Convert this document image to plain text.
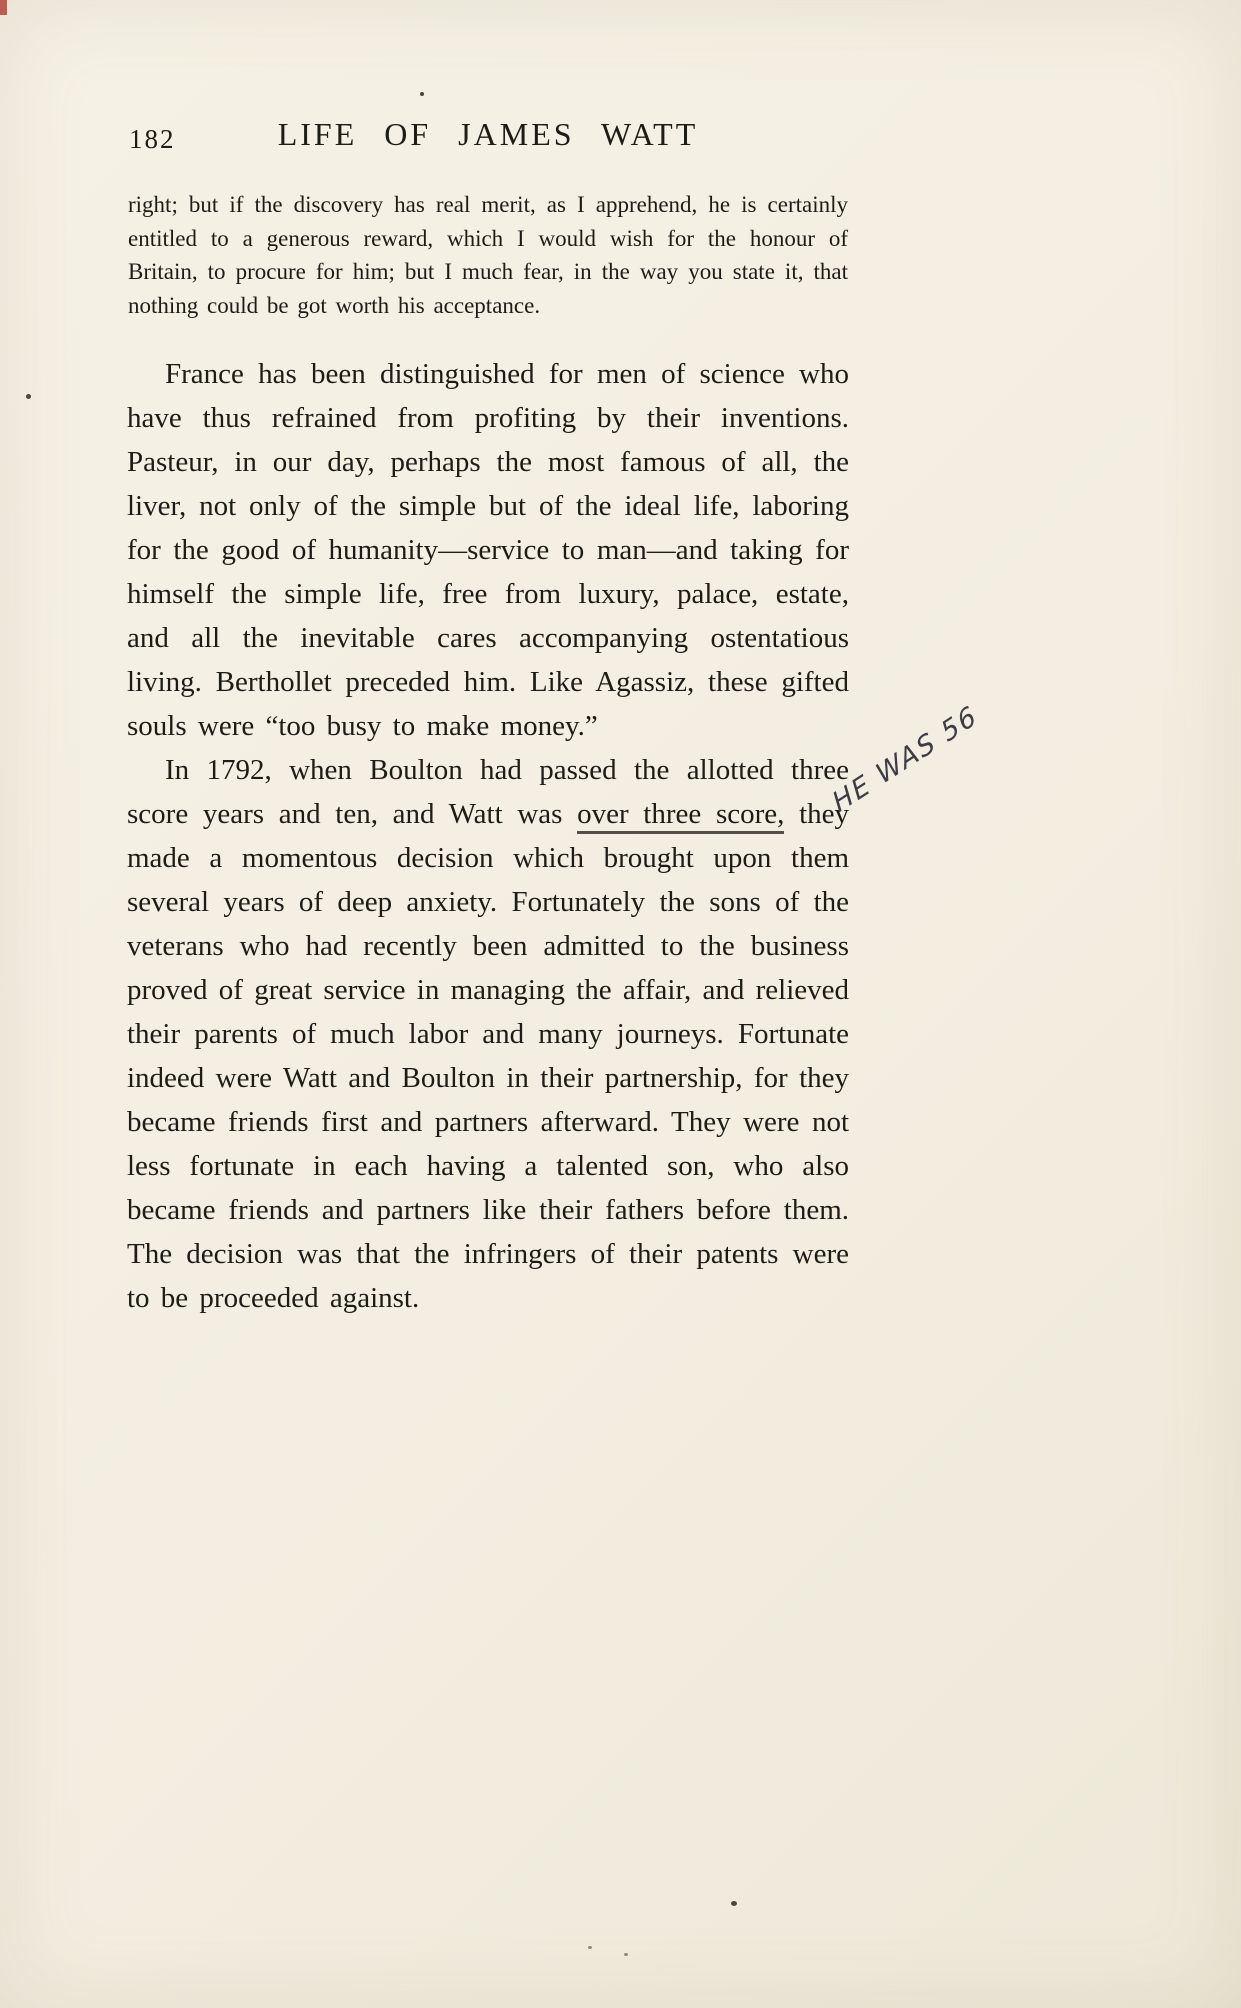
182	LIFE OF JAMES WATT
right; but if the discovery has real merit, as I apprehend, he is certainly entitled to a generous reward, which I would wish for the honour of Britain, to procure for him; but I much fear, in the way you state it, that nothing could be got worth his acceptance.

France has been distinguished for men of science who have thus refrained from profiting by their inventions. Pasteur, in our day, perhaps the most famous of all, the liver, not only of the simple but of the ideal life, laboring for the good of humanity—service to man—and taking for himself the simple life, free from luxury, palace, estate, and all the inevitable cares accompanying ostentatious living. Berthollet preceded him. Like Agassiz, these gifted souls were “too busy to make money.”

In 1792, when Boulton had passed the allotted three score years and ten, and Watt was over three score, they made a momentous decision which brought upon them several years of deep anxiety. Fortunately the sons of the veterans who had recently been admitted to the business proved of great service in managing the affair, and relieved their parents of much labor and many journeys. Fortunate indeed were Watt and Boulton in their partnership, for they became friends first and partners afterward. They were not less fortunate in each having a talented son, who also became friends and partners like their fathers before them. The decision was that the infringers of their patents were to be proceeded against.

HE WAS 56
